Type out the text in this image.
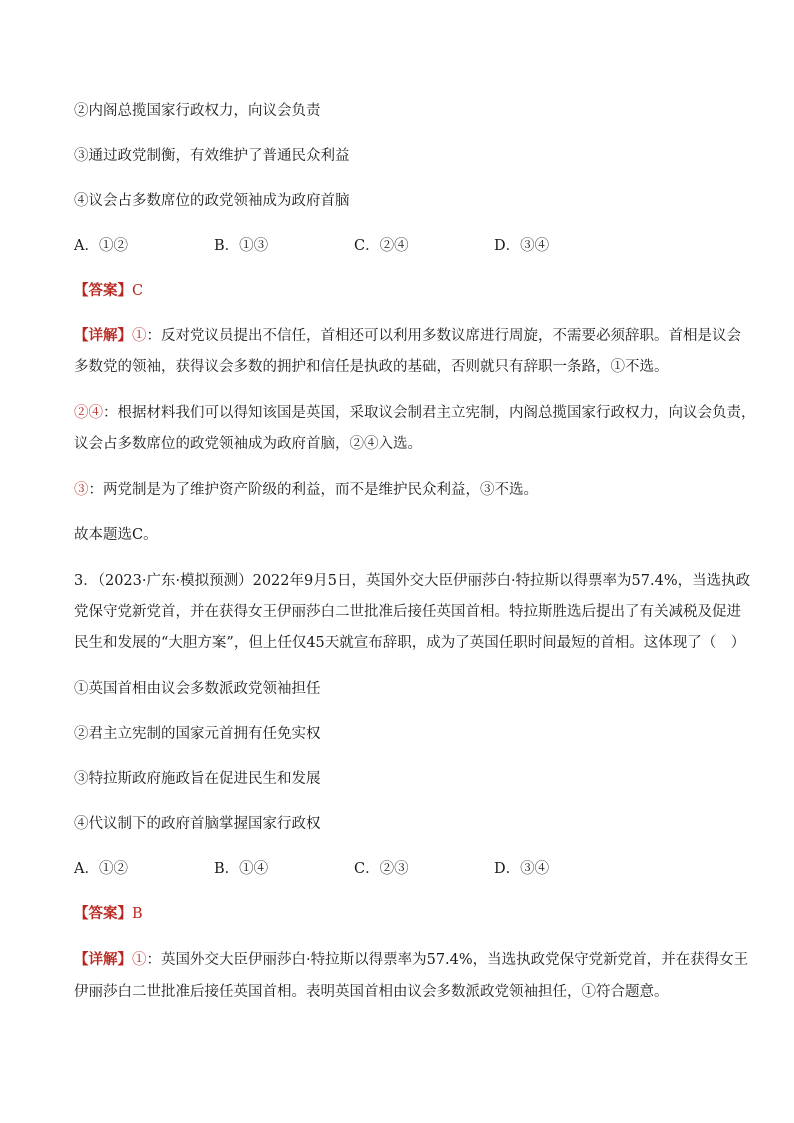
②内阁总揽国家行政权力，向议会负责
③通过政党制衡，有效维护了普通民众利益
④议会占多数席位的政党领袖成为政府首脑
A．①②	B．①③	C．②④	D．③④
【答案】C
【详解】①：反对党议员提出不信任，首相还可以利用多数议席进行周旋，不需要必须辞职。首相是议会
多数党的领袖，获得议会多数的拥护和信任是执政的基础，否则就只有辞职一条路，①不选。
②④：根据材料我们可以得知该国是英国，采取议会制君主立宪制，内阁总揽国家行政权力，向议会负责，
议会占多数席位的政党领袖成为政府首脑，②④入选。
③：两党制是为了维护资产阶级的利益，而不是维护民众利益，③不选。
故本题选C。
3．（2023·广东·模拟预测）2022年9月5日，英国外交大臣伊丽莎白·特拉斯以得票率为57.4%，当选执政
党保守党新党首，并在获得女王伊丽莎白二世批准后接任英国首相。特拉斯胜选后提出了有关减税及促进
民生和发展的“大胆方案”，但上任仅45天就宣布辞职，成为了英国任职时间最短的首相。这体现了（　）
①英国首相由议会多数派政党领袖担任
②君主立宪制的国家元首拥有任免实权
③特拉斯政府施政旨在促进民生和发展
④代议制下的政府首脑掌握国家行政权
A．①②	B．①④	C．②③	D．③④
【答案】B
【详解】①：英国外交大臣伊丽莎白·特拉斯以得票率为57.4%，当选执政党保守党新党首，并在获得女王
伊丽莎白二世批准后接任英国首相。表明英国首相由议会多数派政党领袖担任，①符合题意。
